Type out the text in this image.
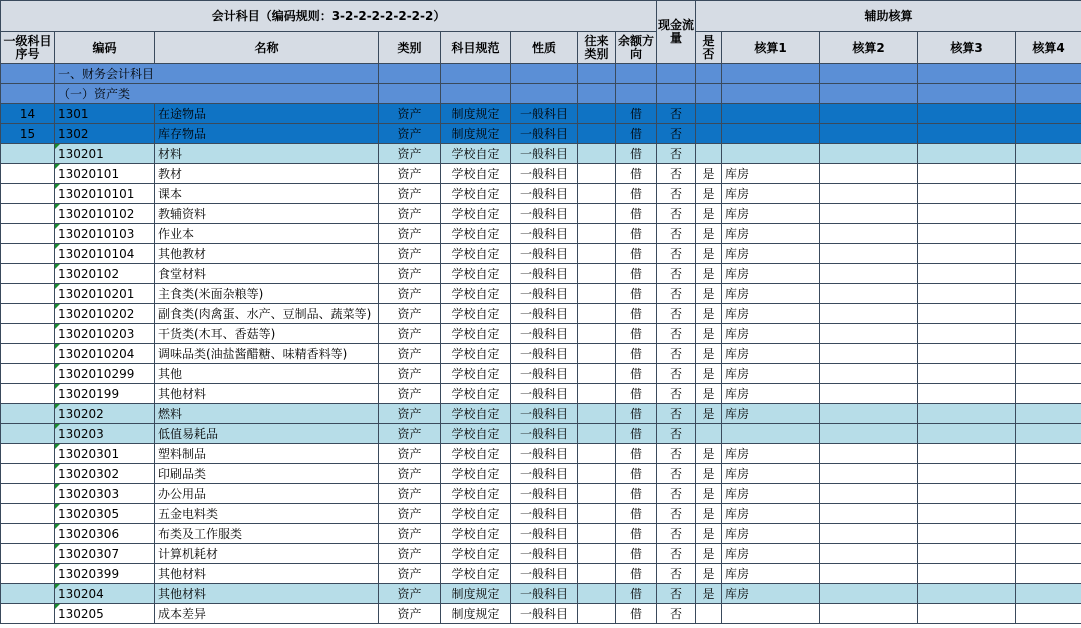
会计科目（编码规则：3-2-2-2-2-2-2-2）								现金流量	辅助核算				
一级科目序号	编码	名称	类别	科目规范	性质	往来类别	余额方向		是否	核算1	核算2	核算3	核算4
	一、财务会计科目												
	（一）资产类												
14	1301	在途物品	资产	制度规定	一般科目		借	否					
15	1302	库存物品	资产	制度规定	一般科目		借	否					
	130201	材料	资产	学校自定	一般科目		借	否					
	13020101	教材	资产	学校自定	一般科目		借	否	是	库房			
	1302010101	课本	资产	学校自定	一般科目		借	否	是	库房			
	1302010102	教辅资料	资产	学校自定	一般科目		借	否	是	库房			
	1302010103	作业本	资产	学校自定	一般科目		借	否	是	库房			
	1302010104	其他教材	资产	学校自定	一般科目		借	否	是	库房			
	13020102	食堂材料	资产	学校自定	一般科目		借	否	是	库房			
	1302010201	主食类(米面杂粮等)	资产	学校自定	一般科目		借	否	是	库房			
	1302010202	副食类(肉禽蛋、水产、豆制品、蔬菜等)	资产	学校自定	一般科目		借	否	是	库房			
	1302010203	干货类(木耳、香菇等)	资产	学校自定	一般科目		借	否	是	库房			
	1302010204	调味品类(油盐酱醋糖、味精香料等)	资产	学校自定	一般科目		借	否	是	库房			
	1302010299	其他	资产	学校自定	一般科目		借	否	是	库房			
	13020199	其他材料	资产	学校自定	一般科目		借	否	是	库房			
	130202	燃料	资产	学校自定	一般科目		借	否	是	库房			
	130203	低值易耗品	资产	学校自定	一般科目		借	否					
	13020301	塑料制品	资产	学校自定	一般科目		借	否	是	库房			
	13020302	印刷品类	资产	学校自定	一般科目		借	否	是	库房			
	13020303	办公用品	资产	学校自定	一般科目		借	否	是	库房			
	13020305	五金电料类	资产	学校自定	一般科目		借	否	是	库房			
	13020306	布类及工作服类	资产	学校自定	一般科目		借	否	是	库房			
	13020307	计算机耗材	资产	学校自定	一般科目		借	否	是	库房			
	13020399	其他材料	资产	学校自定	一般科目		借	否	是	库房			
	130204	其他材料	资产	制度规定	一般科目		借	否	是	库房			
	130205	成本差异	资产	制度规定	一般科目		借	否					
